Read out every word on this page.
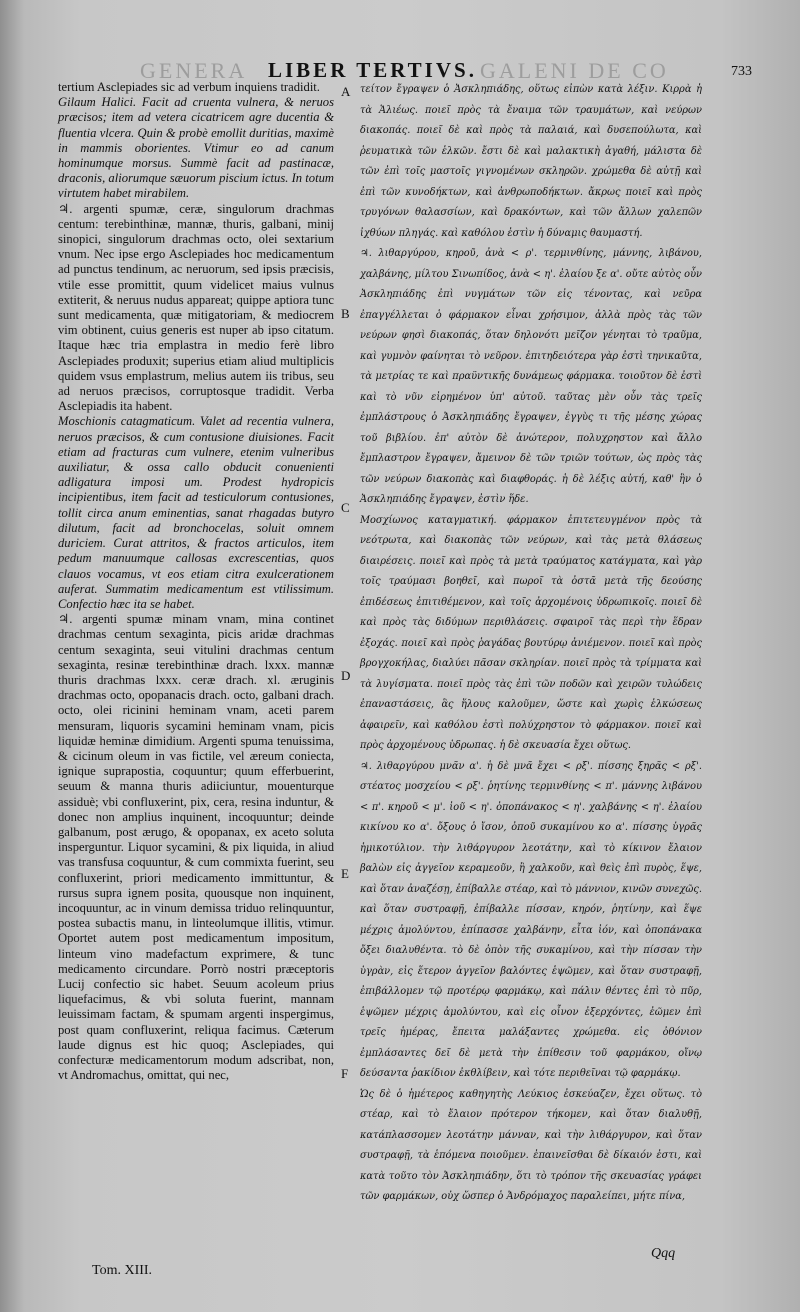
GENERA	GALENI DE CO
LIBER TERTIVS.	733

tertium Asclepiades sic ad verbum inquiens tradidit.

Gilaum Halici. Facit ad cruenta vulnera, & neruos præcisos; item ad vetera cicatricem agre ducentia & fluentia vlcera. Quin & probè emollit duritias, maximè in mammis oborientes. Vtimur eo ad canum hominumque morsus. Summè facit ad pastinacæ, draconis, aliorumque sæuorum piscium ictus. In totum virtutem habet mirabilem.

♃. argenti spumæ, ceræ, singulorum drachmas centum: terebinthinæ, mannæ, thuris, galbani, minij sinopici, singulorum drachmas octo, olei sextarium vnum. Nec ipse ergo Asclepiades hoc medicamentum ad punctus tendinum, ac neruorum, sed ipsis præcisis, vtile esse promittit, quum videlicet maius vulnus extiterit, & neruus nudus appareat; quippe aptiora tunc sunt medicamenta, quæ mitigatoriam, & mediocrem vim obtinent, cuius generis est nuper ab ipso citatum. Itaque hæc tria emplastra in medio ferè libro Asclepiades produxit; superius etiam aliud multiplicis quidem vsus emplastrum, melius autem iis tribus, seu ad neruos præcisos, corruptosque tradidit. Verba Asclepiadis ita habent.

Moschionis catagmaticum. Valet ad recentia vulnera, neruos præcisos, & cum contusione diuisiones. Facit etiam ad fracturas cum vulnere, etenim vulneribus auxiliatur, & ossa callo obducit conuenienti adligatura imposi um. Prodest hydropicis incipientibus, item facit ad testiculorum contusiones, tollit circa anum eminentias, sanat rhagadas butyro dilutum, facit ad bronchocelas, soluit omnem duriciem. Curat attritos, & fractos articulos, item pedum manuumque callosas excrescentias, quos clauos vocamus, vt eos etiam citra exulcerationem auferat. Summatim medicamentum est vtilissimum. Confectio hæc ita se habet.

♃. argenti spumæ minam vnam, mina continet drachmas centum sexaginta, picis aridæ drachmas centum sexaginta, seui vitulini drachmas centum sexaginta, resinæ terebinthinæ drach. lxxx. mannæ thuris drachmas lxxx. ceræ drach. xl. æruginis drachmas octo, opopanacis drach. octo, galbani drach. octo, olei ricinini heminam vnam, aceti parem mensuram, liquoris sycamini heminam vnam, picis liquidæ heminæ dimidium. Argenti spuma tenuissima, & cicinum oleum in vas fictile, vel æreum coniecta, ignique suprapostia, coquuntur; quum efferbuerint, seuum & manna thuris adiiciuntur, mouenturque assiduè; vbi confluxerint, pix, cera, resina induntur, & donec non amplius inquinent, incoquuntur; deinde galbanum, post ærugo, & opopanax, ex aceto soluta insperguntur. Liquor sycamini, & pix liquida, in aliud vas transfusa coquuntur, & cum commixta fuerint, seu confluxerint, priori medicamento immittuntur, & rursus supra ignem posita, quousque non inquinent, incoquuntur, ac in vinum demissa triduo relinquuntur, postea subactis manu, in linteolumque illitis, vtimur. Oportet autem post medicamentum impositum, linteum vino madefactum exprimere, & tunc medicamento circundare. Porrò nostri præceptoris Lucij confectio sic habet. Seuum acoleum prius liquefacimus, & vbi soluta fuerint, mannam leuissimam factam, & spumam argenti inspergimus, post quam confluxerint, reliqua facimus. Cæterum laude dignus est hic quoq; Asclepiades, qui confecturæ medicamentorum modum adscribat, non, vt Andromachus, omittat, qui nec,

A
B
C
D
E
F

τείτον ἔγραψεν ὁ Ἀσκληπιάδης, οὕτως εἰπὼν κατὰ λέξιν. Κιρρὰ ἡ τὰ Ἁλιέως. ποιεῖ πρὸς τὰ ἔναιμα τῶν τραυμάτων, καὶ νεύρων διακοπάς. ποιεῖ δὲ καὶ πρὸς τὰ παλαιά, καὶ δυσεπούλωτα, καὶ ῥευματικὰ τῶν ἑλκῶν. ἔστι δὲ καὶ μαλακτικὴ ἀγαθή, μάλιστα δὲ τῶν ἐπὶ τοῖς μαστοῖς γιγνομένων σκληρῶν. χρώμεθα δὲ αὐτῇ καὶ ἐπὶ τῶν κυνοδήκτων, καὶ ἀνθρωποδήκτων. ἄκρως ποιεῖ καὶ πρὸς τρυγόνων θαλασσίων, καὶ δρακόντων, καὶ τῶν ἄλλων χαλεπῶν ἰχθύων πληγάς. καὶ καθόλου ἐστὶν ἡ δύναμις θαυμαστή.

♃. λιθαργύρου, κηροῦ, ἀνὰ < ρ'. τερμινθίνης, μάννης, λιβάνου, χαλβάνης, μίλτου Σινωπίδος, ἀνὰ < η'. ἐλαίου ξε α'. οὔτε αὐτὸς οὖν Ἀσκληπιάδης ἐπὶ νυγμάτων τῶν εἰς τένοντας, καὶ νεῦρα ἐπαγγέλλεται ὁ φάρμακον εἶναι χρήσιμον, ἀλλὰ πρὸς τὰς τῶν νεύρων φησὶ διακοπάς, ὅταν δηλονότι μεῖζον γένηται τὸ τραῦμα, καὶ γυμνὸν φαίνηται τὸ νεῦρον. ἐπιτηδειότερα γὰρ ἐστὶ τηνικαῦτα, τὰ μετρίας τε καὶ πραϋντικῆς δυνάμεως φάρμακα. τοιοῦτον δὲ ἐστὶ καὶ τὸ νῦν εἰρημένον ὑπ' αὐτοῦ. ταῦτας μὲν οὖν τὰς τρεῖς ἐμπλάστρους ὁ Ἀσκληπιάδης ἔγραψεν, ἐγγὺς τι τῆς μέσης χώρας τοῦ βιβλίου. ἐπ' αὐτὸν δὲ ἀνώτερον, πολυχρηστον καὶ ἄλλο ἔμπλαστρον ἔγραψεν, ἄμεινον δὲ τῶν τριῶν τούτων, ὡς πρὸς τὰς τῶν νεύρων διακοπὰς καὶ διαφθοράς. ἡ δὲ λέξις αὐτή, καθ' ἣν ὁ Ἀσκληπιάδης ἔγραψεν, ἐστὶν ἥδε.

Μοσχίωνος καταγματική. φάρμακον ἐπιτετευγμένον πρὸς τὰ νεότρωτα, καὶ διακοπὰς τῶν νεύρων, καὶ τὰς μετὰ θλάσεως διαιρέσεις. ποιεῖ καὶ πρὸς τὰ μετὰ τραύματος κατάγματα, καὶ γὰρ τοῖς τραύμασι βοηθεῖ, καὶ πωροῖ τὰ ὀστᾶ μετὰ τῆς δεούσης ἐπιδέσεως ἐπιτιθέμενον, καὶ τοῖς ἀρχομένοις ὑδρωπικοῖς. ποιεῖ δὲ καὶ πρὸς τὰς διδύμων περιθλάσεις. σφαιροῖ τὰς περὶ τὴν ἕδραν ἐξοχάς. ποιεῖ καὶ πρὸς ῥαγάδας βουτύρῳ ἀνιέμενον. ποιεῖ καὶ πρὸς βρογχοκήλας, διαλύει πᾶσαν σκληρίαν. ποιεῖ πρὸς τὰ τρίμματα καὶ τὰ λυγίσματα. ποιεῖ πρὸς τὰς ἐπὶ τῶν ποδῶν καὶ χειρῶν τυλώδεις ἐπαναστάσεις, ἃς ἥλους καλοῦμεν, ὥστε καὶ χωρὶς ἑλκώσεως ἀφαιρεῖν, καὶ καθόλου ἐστὶ πολύχρηστον τὸ φάρμακον. ποιεῖ καὶ πρὸς ἀρχομένους ὑδρωπας. ἡ δὲ σκευασία ἔχει οὕτως.

♃. λιθαργύρου μνᾶν α'. ἡ δὲ μνᾶ ἔχει < ρξ'. πίσσης ξηρᾶς < ρξ'. στέατος μοσχείου < ρξ'. ῥητίνης τερμινθίνης < π'. μάννης λιβάνου < π'. κηροῦ < μ'. ἰοῦ < η'. ὀποπάνακος < η'. χαλβάνης < η'. ἐλαίου κικίνου κο α'. ὄξους ὁ ἴσον, ὀποῦ συκαμίνου κο α'. πίσσης ὑγρᾶς ἡμικοτύλιον. τὴν λιθάργυρον λεοτάτην, καὶ τὸ κίκινον ἔλαιον βαλὼν εἰς ἀγγεῖον κεραμεοῦν, ἢ χαλκοῦν, καὶ θεὶς ἐπὶ πυρὸς, ἕψε, καὶ ὅταν ἀναζέσῃ, ἐπίβαλλε στέαρ, καὶ τὸ μάννιον, κινῶν συνεχῶς. καὶ ὅταν συστραφῇ, ἐπίβαλλε πίσσαν, κηρόν, ῥητίνην, καὶ ἕψε μέχρις ἀμολύντου, ἐπίπασσε χαλβάνην, εἶτα ἰόν, καὶ ὀποπάνακα ὄξει διαλυθέντα. τὸ δὲ ὀπὸν τῆς συκαμίνου, καὶ τὴν πίσσαν τὴν ὑγρὰν, εἰς ἕτερον ἀγγεῖον βαλόντες ἑψῶμεν, καὶ ὅταν συστραφῇ, ἐπιβάλλομεν τῷ προτέρῳ φαρμάκῳ, καὶ πάλιν θέντες ἐπὶ τὸ πῦρ, ἑψῶμεν μέχρις ἀμολύντου, καὶ εἰς οἶνον ἐξερχόντες, ἐῶμεν ἐπὶ τρεῖς ἡμέρας, ἔπειτα μαλάξαντες χρώμεθα. εἰς ὀθόνιον ἐμπλάσαντες δεῖ δὲ μετὰ τὴν ἐπίθεσιν τοῦ φαρμάκου, οἴνῳ δεύσαντα ῥακίδιον ἐκθλίβειν, καὶ τότε περιθεῖναι τῷ φαρμάκῳ.

Ὡς δὲ ὁ ἡμέτερος καθηγητὴς Λεύκιος ἐσκεύαζεν, ἔχει οὕτως. τὸ στέαρ, καὶ τὸ ἔλαιον πρότερον τήκομεν, καὶ ὅταν διαλυθῇ, κατάπλασσομεν λεοτάτην μάνναν, καὶ τὴν λιθάργυρον, καὶ ὅταν συστραφῇ, τὰ ἑπόμενα ποιοῦμεν. ἐπαινεῖσθαι δὲ δίκαιόν ἐστι, καὶ κατὰ τοῦτο τὸν Ἀσκληπιάδην, ὅτι τὸ τρόπον τῆς σκευασίας γράφει τῶν φαρμάκων, οὐχ ὥσπερ ὁ Ἀνδρόμαχος παραλείπει, μήτε πίνα,

Tom. XIII.
Qqq
